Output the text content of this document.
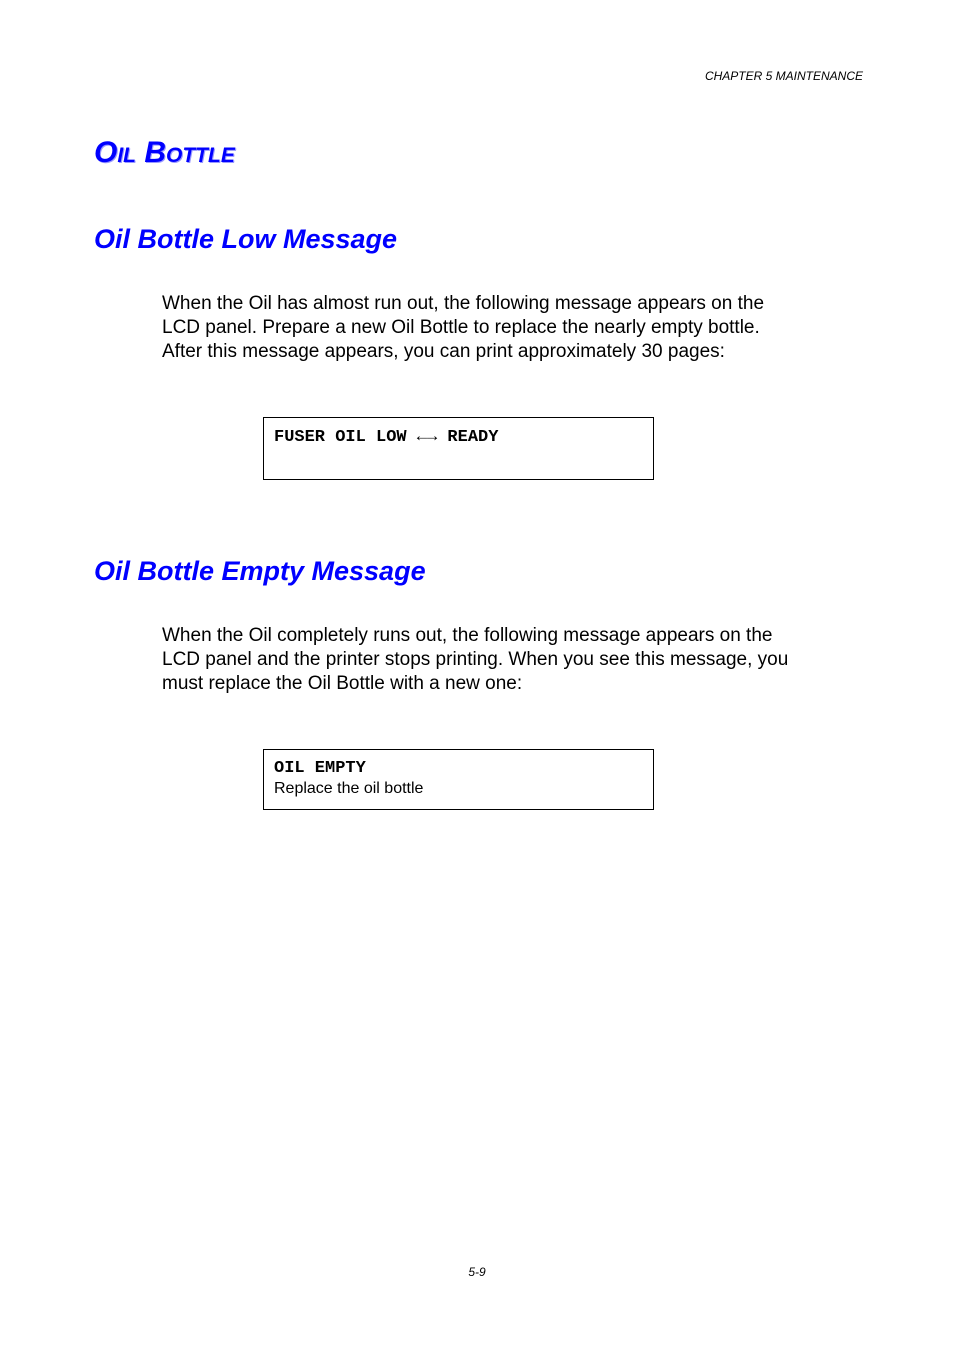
CHAPTER 5 MAINTENANCE
Oil Bottle
Oil Bottle Low Message
When the Oil has almost run out, the following message appears on the
LCD panel. Prepare a new Oil Bottle to replace the nearly empty bottle.
After this message appears, you can print approximately 30 pages:
FUSER OIL LOW ←→ READY
Oil Bottle Empty Message
When the Oil completely runs out, the following message appears on the
LCD panel and the printer stops printing. When you see this message, you
must replace the Oil Bottle with a new one:
OIL EMPTY
Replace the oil bottle
5-9
